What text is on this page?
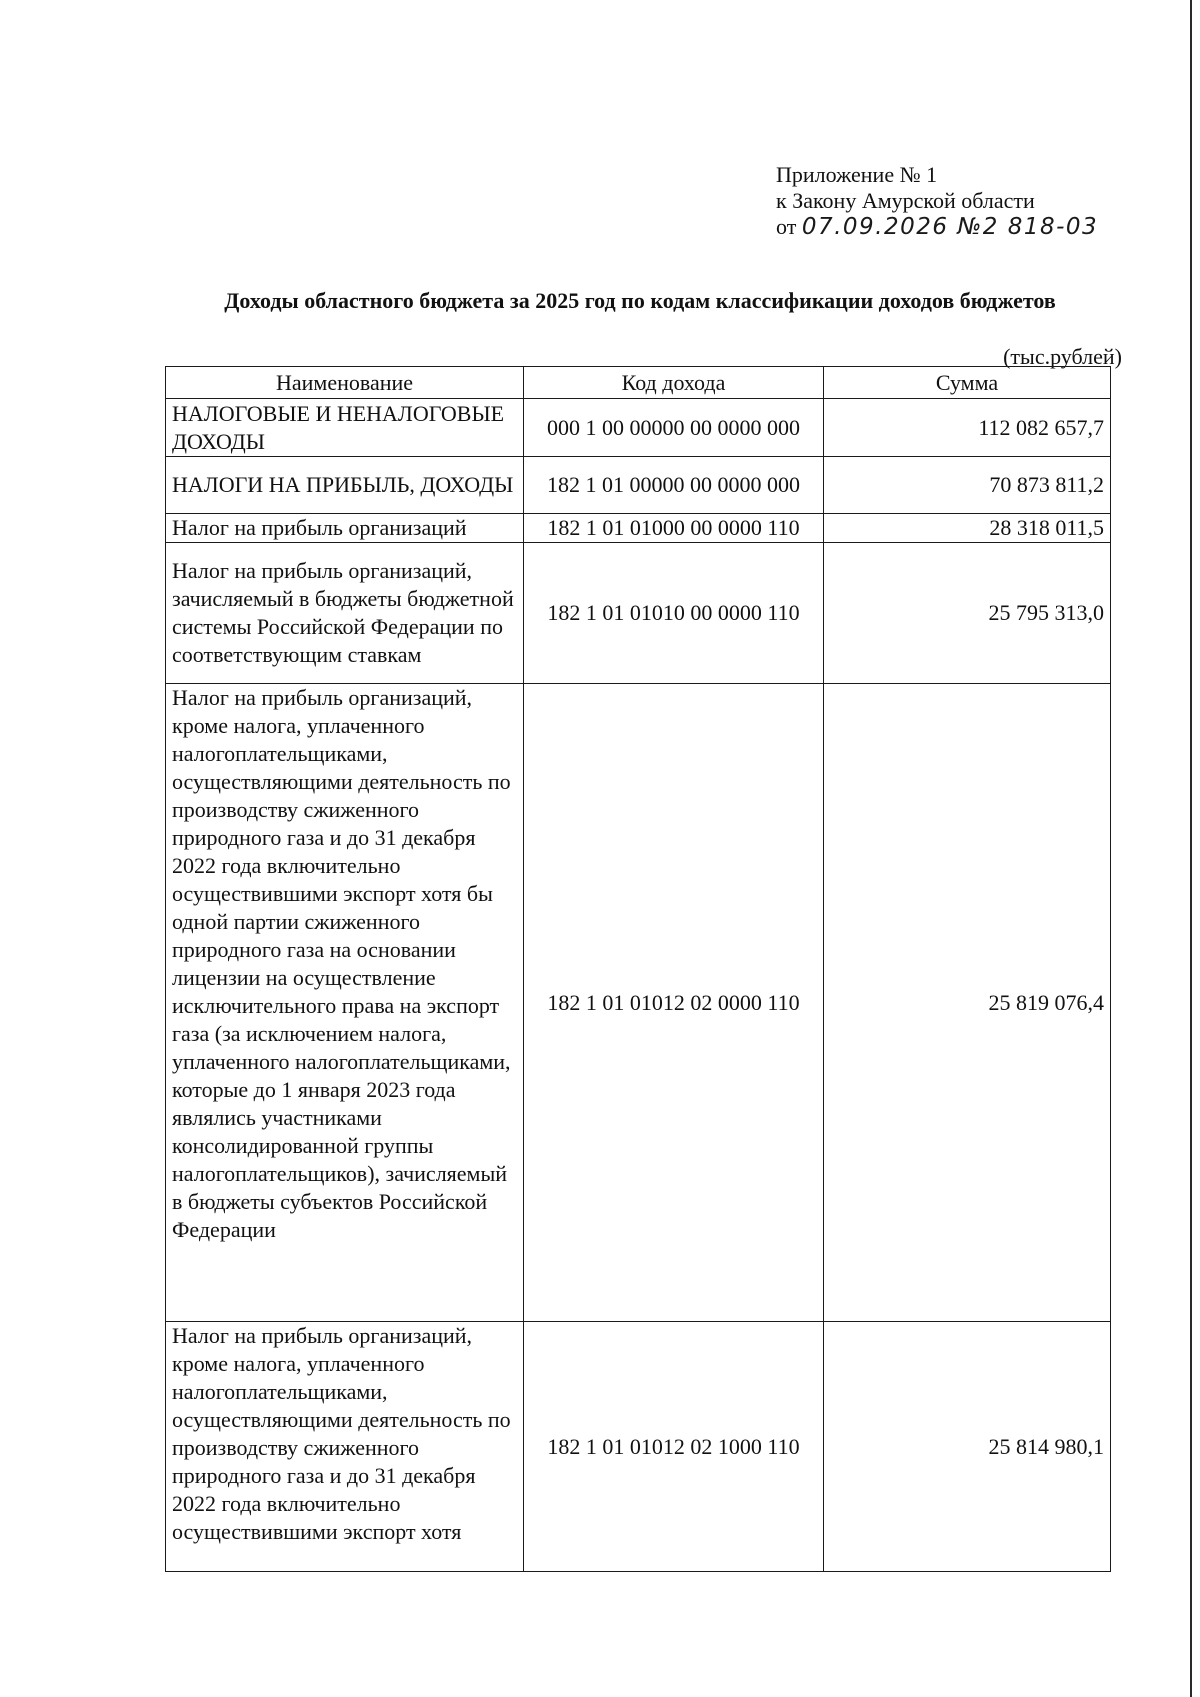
Приложение № 1
к Закону Амурской области
от 07.09.2026 №2 818-03
Доходы областного бюджета за 2025 год по кодам классификации доходов бюджетов
(тыс.рублей)
Наименование	Код дохода	Сумма
НАЛОГОВЫЕ И НЕНАЛОГОВЫЕ ДОХОДЫ	000 1 00 00000 00 0000 000	112 082 657,7
НАЛОГИ НА ПРИБЫЛЬ, ДОХОДЫ	182 1 01 00000 00 0000 000	70 873 811,2
Налог на прибыль организаций	182 1 01 01000 00 0000 110	28 318 011,5
Налог на прибыль организаций, зачисляемый в бюджеты бюджетной системы Российской Федерации по соответствующим ставкам	182 1 01 01010 00 0000 110	25 795 313,0
Налог на прибыль организаций, кроме налога, уплаченного налогоплательщиками, осуществляющими деятельность по производству сжиженного природного газа и до 31 декабря 2022 года включительно осуществившими экспорт хотя бы одной партии сжиженного природного газа на основании лицензии на осуществление исключительного права на экспорт газа (за исключением налога, уплаченного налогоплательщиками, которые до 1 января 2023 года являлись участниками консолидированной группы налогоплательщиков), зачисляемый в бюджеты субъектов Российской Федерации	182 1 01 01012 02 0000 110	25 819 076,4
Налог на прибыль организаций, кроме налога, уплаченного налогоплательщиками, осуществляющими деятельность по производству сжиженного природного газа и до 31 декабря 2022 года включительно осуществившими экспорт хотя	182 1 01 01012 02 1000 110	25 814 980,1
